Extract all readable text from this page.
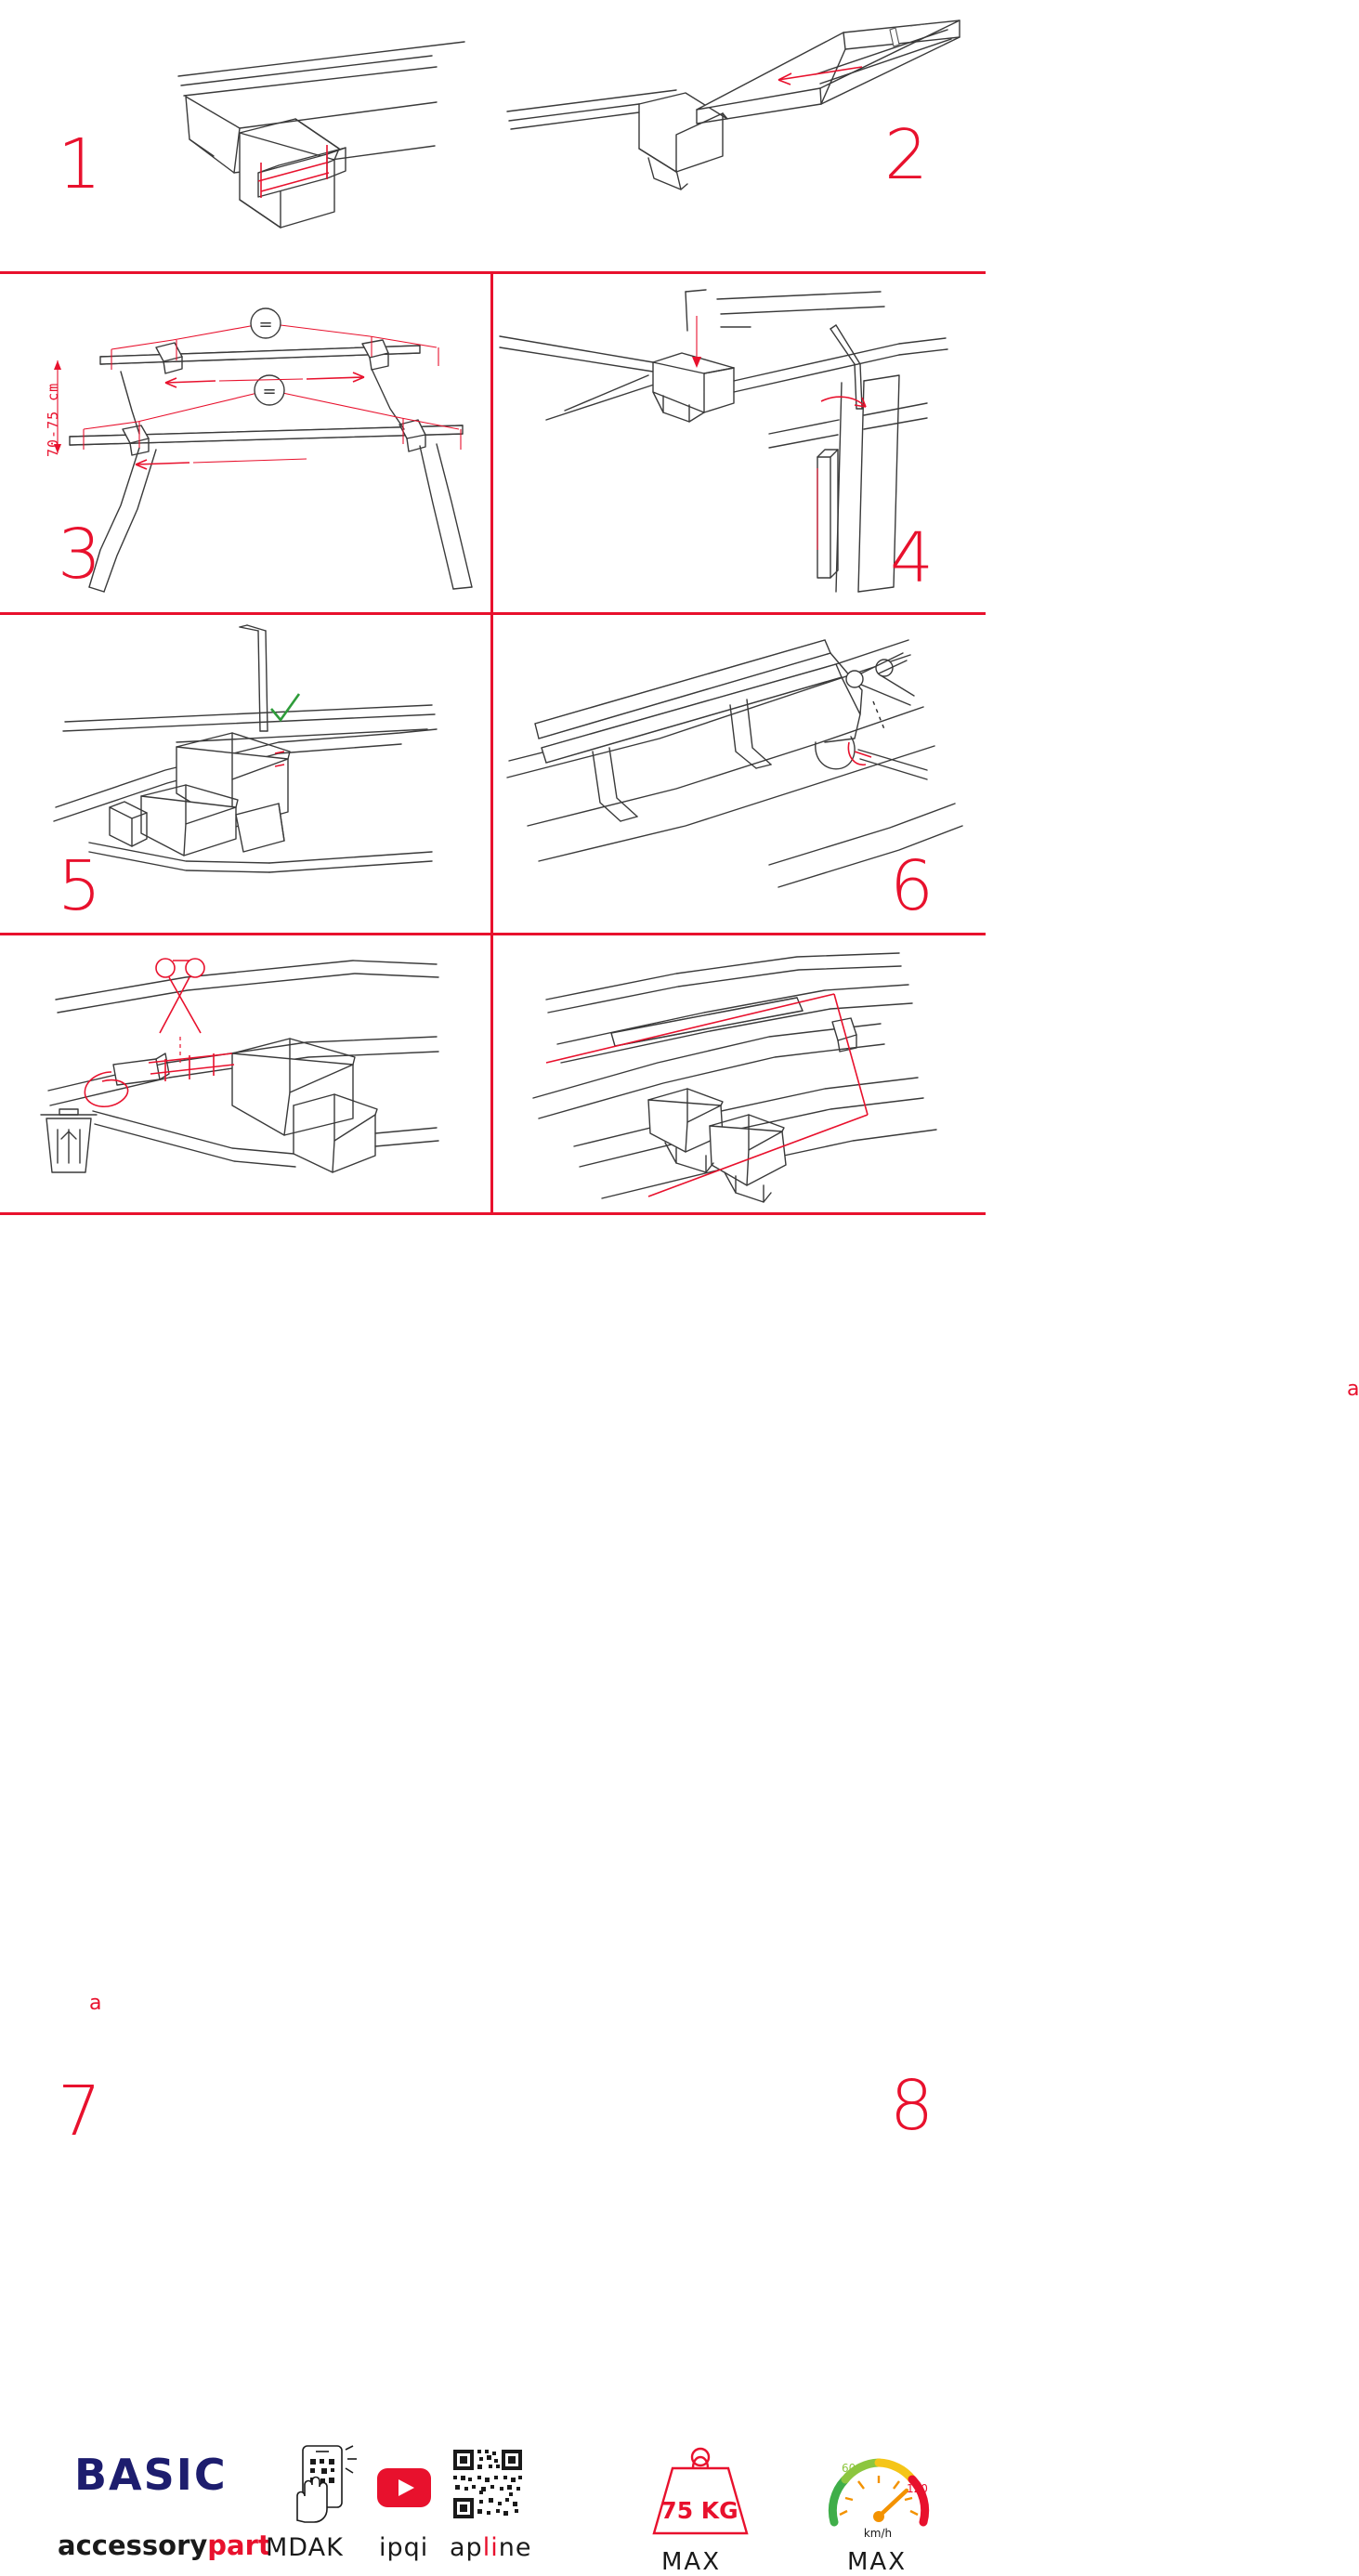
1	2
=
=
70-75 cm
3	4
5
a
6
a
7	8
BASIC
accessorypart
MDAK ipqi apline
75 KG
MAX
60
120
km/h
MAX
